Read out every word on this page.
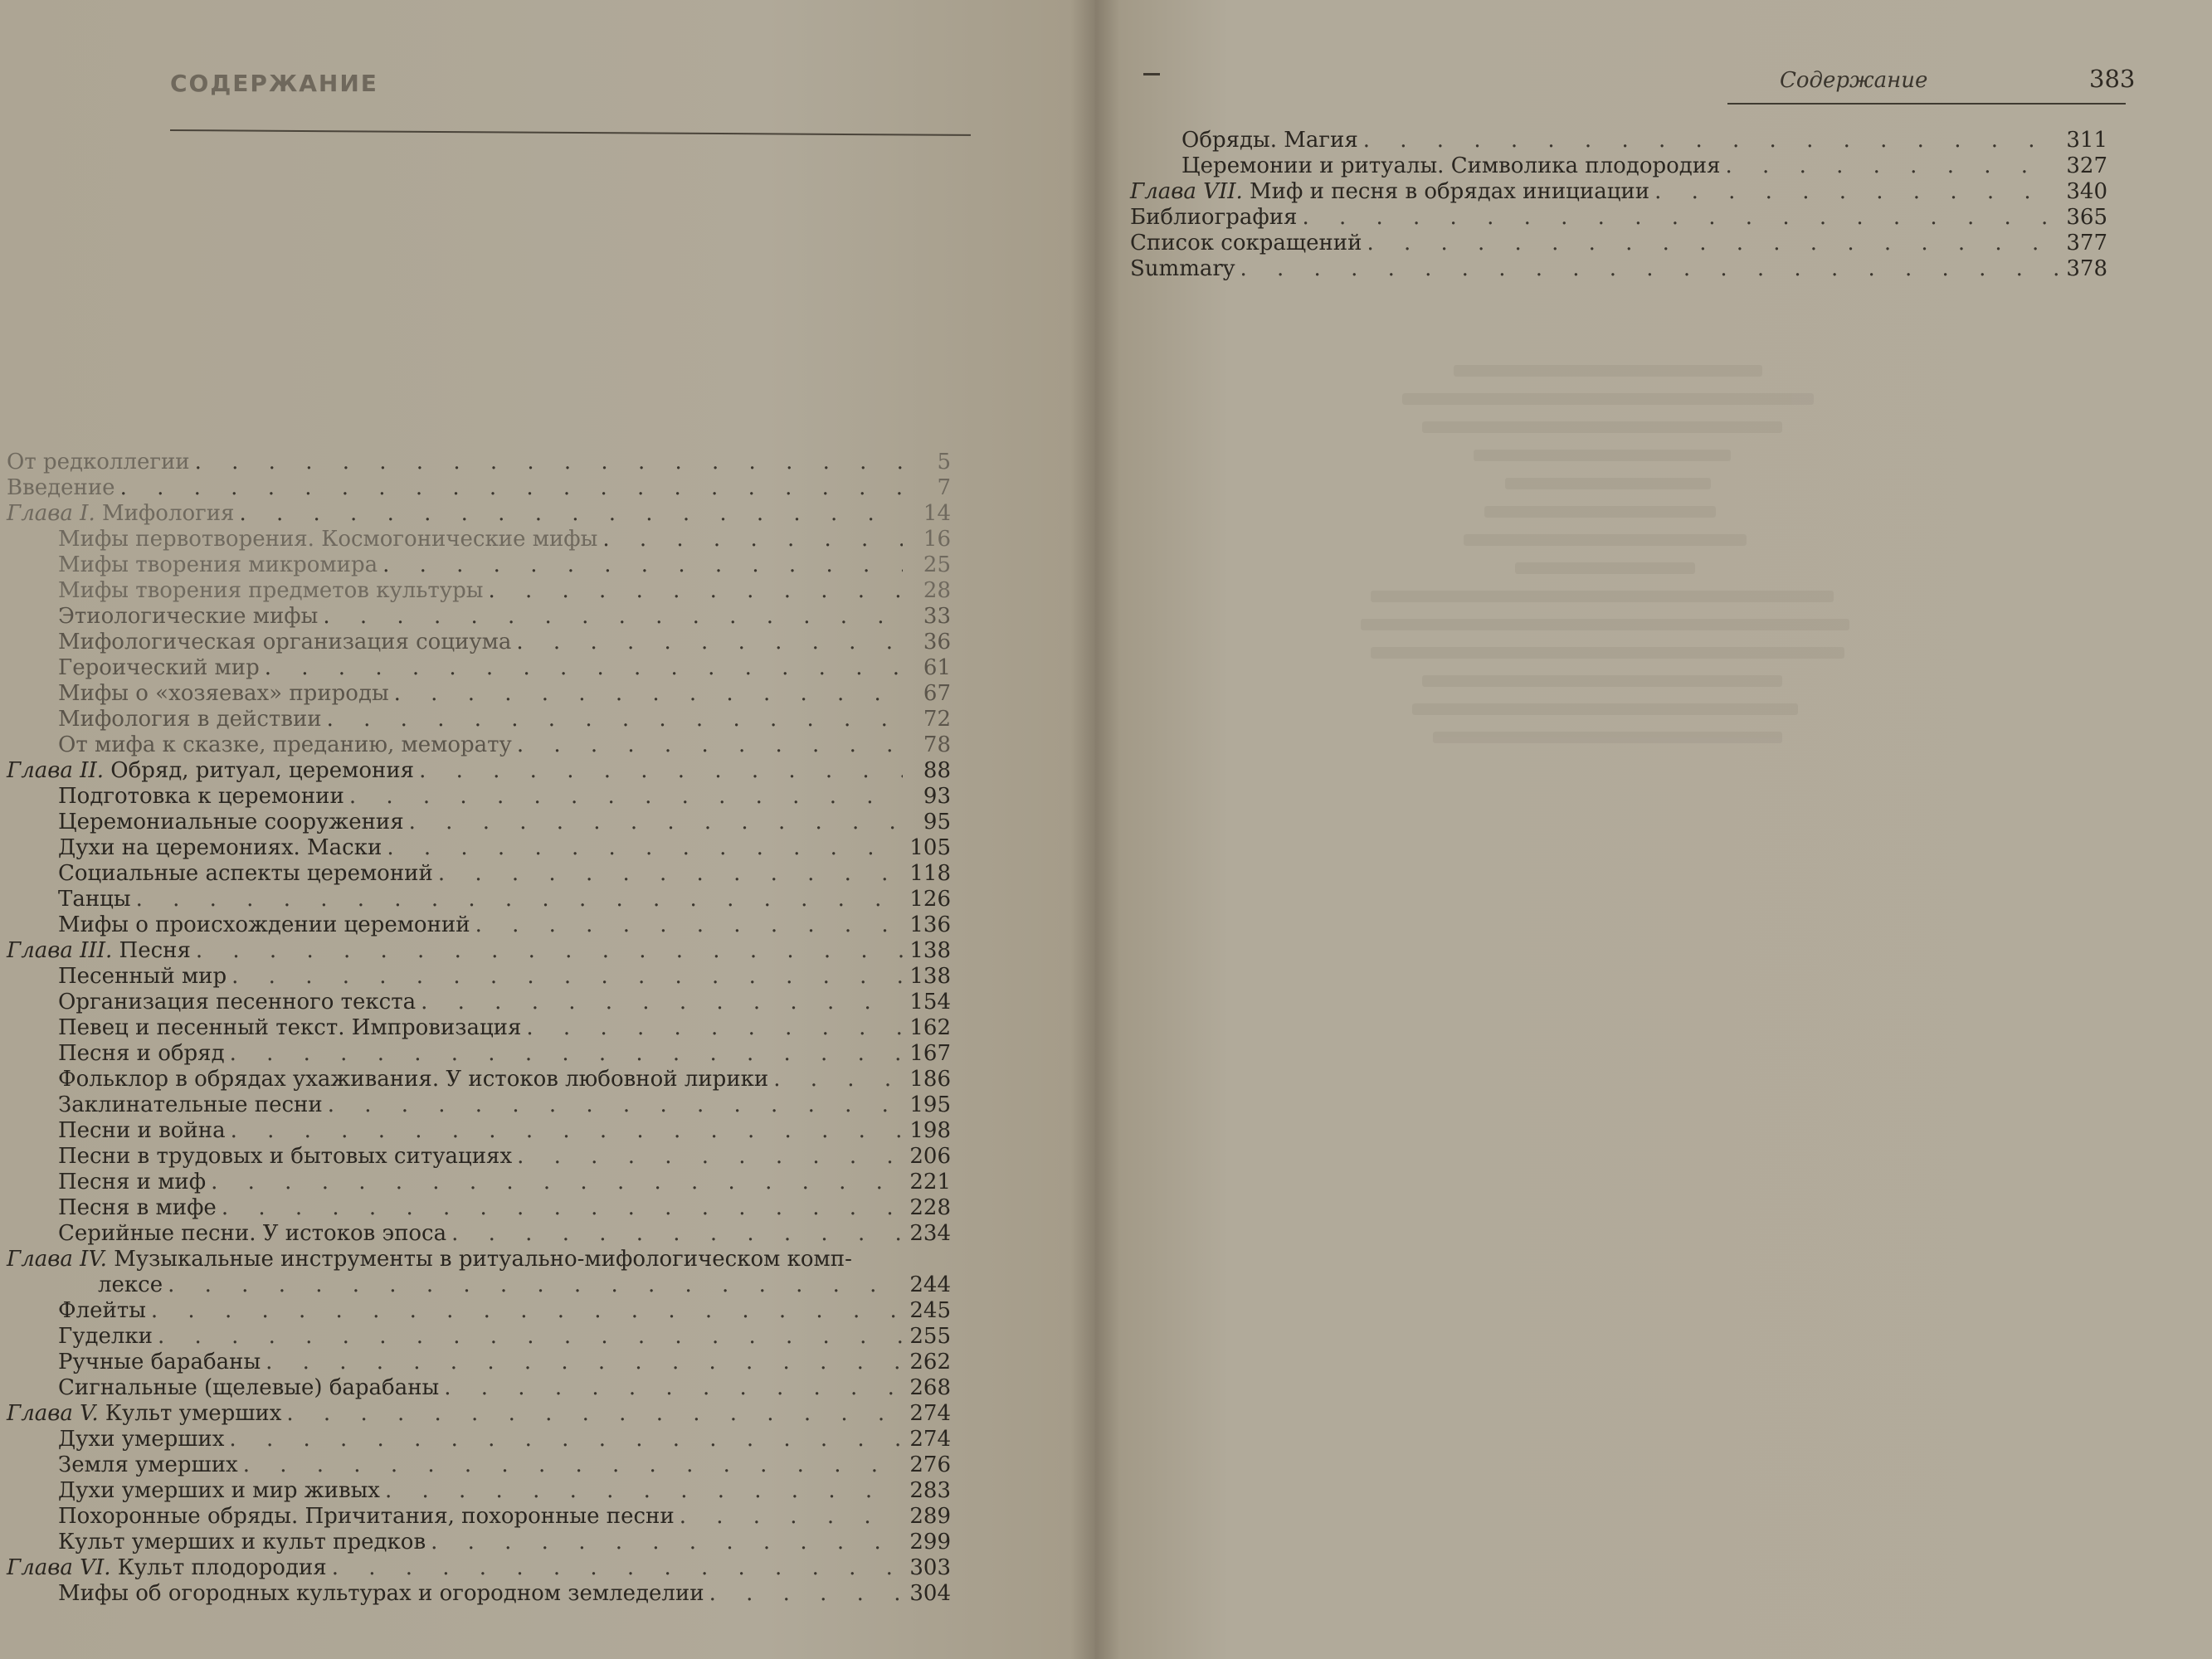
СОДЕРЖАНИЕ
От редколлегии . . .	5
Введение . . .	7
Глава I. Мифология . . .	14
Мифы первотворения. Космогонические мифы . . .	16
Мифы творения микромира . . .	25
Мифы творения предметов культуры . . .	28
Этиологические мифы . . .	33
Мифологическая организация социума . . .	36
Героический мир . . .	61
Мифы о «хозяевах» природы . . .	67
Мифология в действии . . .	72
От мифа к сказке, преданию, меморату . . .	78
Глава II. Обряд, ритуал, церемония . . .	88
Подготовка к церемонии . . .	93
Церемониальные сооружения . . .	95
Духи на церемониях. Маски . . .	105
Социальные аспекты церемоний . . .	118
Танцы . . .	126
Мифы о происхождении церемоний . . .	136
Глава III. Песня . . .	138
Песенный мир . . .	138
Организация песенного текста . . .	154
Певец и песенный текст. Импровизация . . .	162
Песня и обряд . . .	167
Фольклор в обрядах ухаживания. У истоков любовной лирики . . .	186
Заклинательные песни . . .	195
Песни и война . . .	198
Песни в трудовых и бытовых ситуациях . . .	206
Песня и миф . . .	221
Песня в мифе . . .	228
Серийные песни. У истоков эпоса . . .	234
Глава IV. Музыкальные инструменты в ритуально-мифологическом комп-
лексе . . .	244
Флейты . . .	245
Гуделки . . .	255
Ручные барабаны . . .	262
Сигнальные (щелевые) барабаны . . .	268
Глава V. Культ умерших . . .	274
Духи умерших . . .	274
Земля умерших . . .	276
Духи умерших и мир живых . . .	283
Похоронные обряды. Причитания, похоронные песни . . .	289
Культ умерших и культ предков . . .	299
Глава VI. Культ плодородия . . .	303
Мифы об огородных культурах и огородном земледелии . . .	304
Содержание	383
Обряды. Магия . . .	311
Церемонии и ритуалы. Символика плодородия . . .	327
Глава VII. Миф и песня в обрядах инициации . . .	340
Библиография . . .	365
Список сокращений . . .	377
Summary . . .	378
